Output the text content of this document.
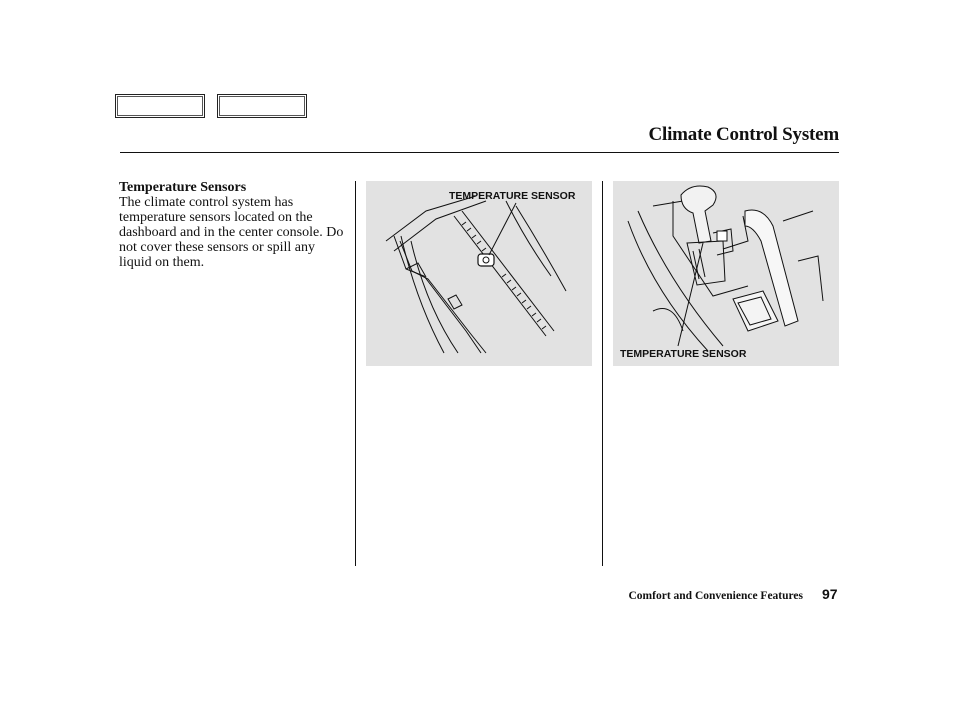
Climate Control System
Temperature Sensors
The climate control system has temperature sensors located on the dashboard and in the center console. Do not cover these sensors or spill any liquid on them.
TEMPERATURE SENSOR
TEMPERATURE SENSOR
Comfort and Convenience Features 97
